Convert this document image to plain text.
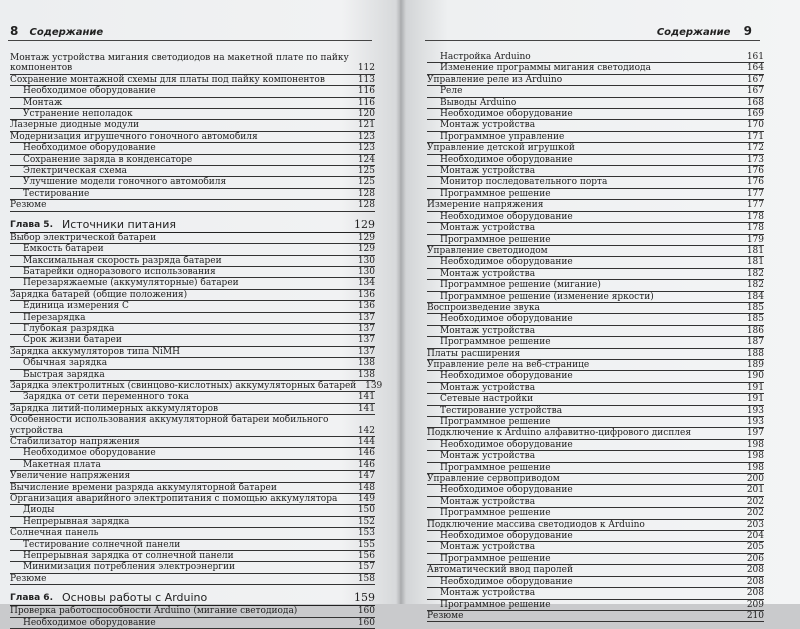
8 Содержание
Монтаж устройства мигания светодиодов на макетной плате по пайку компонентов	112
Сохранение монтажной схемы для платы под пайку компонентов	113
Необходимое оборудование	116
Монтаж	116
Устранение неполадок	120
Лазерные диодные модули	121
Модернизация игрушечного гоночного автомобиля	123
Необходимое оборудование	123
Сохранение заряда в конденсаторе	124
Электрическая схема	125
Улучшение модели гоночного автомобиля	125
Тестирование	128
Резюме	128
Глава 5. Источники питания	129
Выбор электрической батареи	129
Емкость батареи	129
Максимальная скорость разряда батареи	130
Батарейки одноразового использования	130
Перезаряжаемые (аккумуляторные) батареи	134
Зарядка батарей (общие положения)	136
Единица измерения C	136
Перезарядка	137
Глубокая разрядка	137
Срок жизни батареи	137
Зарядка аккумуляторов типа NiMH	137
Обычная зарядка	138
Быстрая зарядка	138
Зарядка электролитных (свинцово-кислотных) аккумуляторных батарей 139
Зарядка от сети переменного тока	141
Зарядка литий-полимерных аккумуляторов	141
Особенности использования аккумуляторной батареи мобильного устройства	142
Стабилизатор напряжения	144
Необходимое оборудование	146
Макетная плата	146
Увеличение напряжения	147
Вычисление времени разряда аккумуляторной батареи	148
Организация аварийного электропитания с помощью аккумулятора	149
Диоды	150
Непрерывная зарядка	152
Солнечная панель	153
Тестирование солнечной панели	155
Непрерывная зарядка от солнечной панели	156
Минимизация потребления электроэнергии	157
Резюме	158
Глава 6. Основы работы с Arduino	159
Проверка работоспособности Arduino (мигание светодиода)	160
Необходимое оборудование	160
Содержание 9
Настройка Arduino	161
Изменение программы мигания светодиода	164
Управление реле из Arduino	167
Реле	167
Выводы Arduino	168
Необходимое оборудование	169
Монтаж устройства	170
Программное управление	171
Управление детской игрушкой	172
Необходимое оборудование	173
Монтаж устройства	176
Монитор последовательного порта	176
Программное решение	177
Измерение напряжения	177
Необходимое оборудование	178
Монтаж устройства	178
Программное решение	179
Управление светодиодом	181
Необходимое оборудование	181
Монтаж устройства	182
Программное решение (мигание)	182
Программное решение (изменение яркости)	184
Воспроизведение звука	185
Необходимое оборудование	185
Монтаж устройства	186
Программное решение	187
Платы расширения	188
Управление реле на веб-странице	189
Необходимое оборудование	190
Монтаж устройства	191
Сетевые настройки	191
Тестирование устройства	193
Программное решение	193
Подключение к Arduino алфавитно-цифрового дисплея	197
Необходимое оборудование	198
Монтаж устройства	198
Программное решение	198
Управление сервоприводом	200
Необходимое оборудование	201
Монтаж устройства	202
Программное решение	202
Подключение массива светодиодов к Arduino	203
Необходимое оборудование	204
Монтаж устройства	205
Программное решение	206
Автоматический ввод паролей	208
Необходимое оборудование	208
Монтаж устройства	208
Программное решение	209
Резюме	210
